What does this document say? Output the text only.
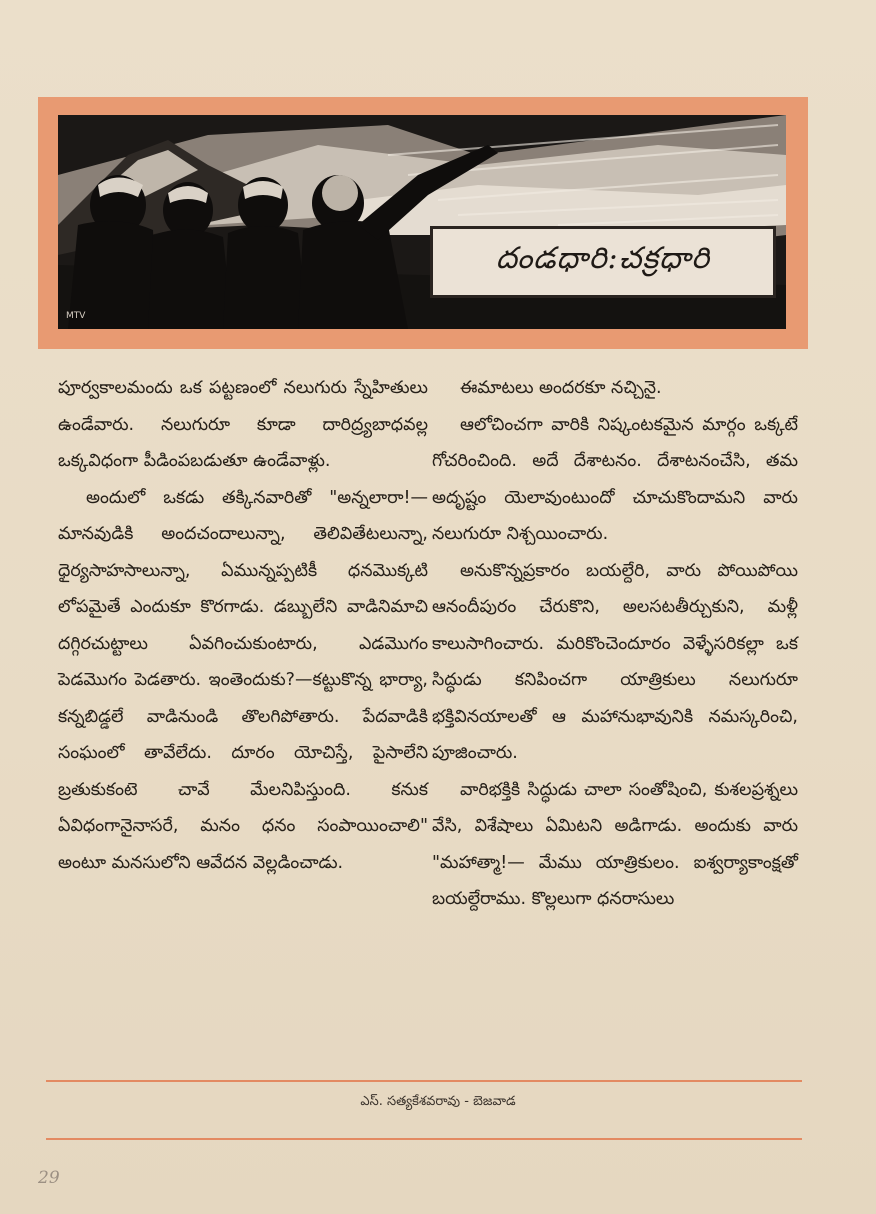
దండధారి:చక్రధారి
MTV

పూర్వకాలమందు ఒక పట్టణంలో నలుగురు స్నేహితులు ఉండేవారు. నలుగురూ కూడా దారిద్ర్యబాధవల్ల ఒక్కవిధంగా పీడింపబడుతూ ఉండేవాళ్లు.

అందులో ఒకడు తక్కినవారితో "అన్నలారా!—మానవుడికి అందచందాలున్నా, తెలివితేటలున్నా, ధైర్యసాహసాలున్నా, ఏమున్నప్పటికీ ధనమొక్కటి లోపమైతే ఎందుకూ కొరగాడు. డబ్బులేని వాడినిమాచి దగ్గిరచుట్టాలు ఏవగించుకుంటారు, ఎడమొగం పెడమొగం పెడతారు. ఇంతెందుకు?—కట్టుకొన్న భార్యా, కన్నబిడ్డలే వాడినుండి తొలగిపోతారు. పేదవాడికి సంఘంలో తావేలేదు. దూరం యోచిస్తే, పైసాలేని బ్రతుకుకంటె చావే మేలనిపిస్తుంది. కనుక ఏవిధంగానైనాసరే, మనం ధనం సంపాయించాలి" అంటూ మనసులోని ఆవేదన వెల్లడించాడు.

ఈమాటలు అందరకూ నచ్చినై.

ఆలోచించగా వారికి నిష్కంటకమైన మార్గం ఒక్కటే గోచరించింది. అదే దేశాటనం. దేశాటనంచేసి, తమ అదృష్టం యెలావుంటుందో చూచుకొందామని వారు నలుగురూ నిశ్చయించారు.

అనుకొన్నప్రకారం బయల్దేరి, వారు పోయిపోయి ఆనందీపురం చేరుకొని, అలసటతీర్చుకుని, మళ్లీ కాలుసాగించారు. మరికొంచెందూరం వెళ్ళేసరికల్లా ఒక సిద్ధుడు కనిపించగా యాత్రికులు నలుగురూ భక్తివినయాలతో ఆ మహానుభావునికి నమస్కరించి, పూజించారు.

వారిభక్తికి సిద్ధుడు చాలా సంతోషించి, కుశలప్రశ్నలు వేసి, విశేషాలు ఏమిటని అడిగాడు. అందుకు వారు "మహాత్మా!— మేము యాత్రికులం. ఐశ్వర్యాకాంక్షతో బయల్దేరాము. కొల్లలుగా ధనరాసులు

ఎస్. సత్యకేశవరావు - బెజవాడ
29
